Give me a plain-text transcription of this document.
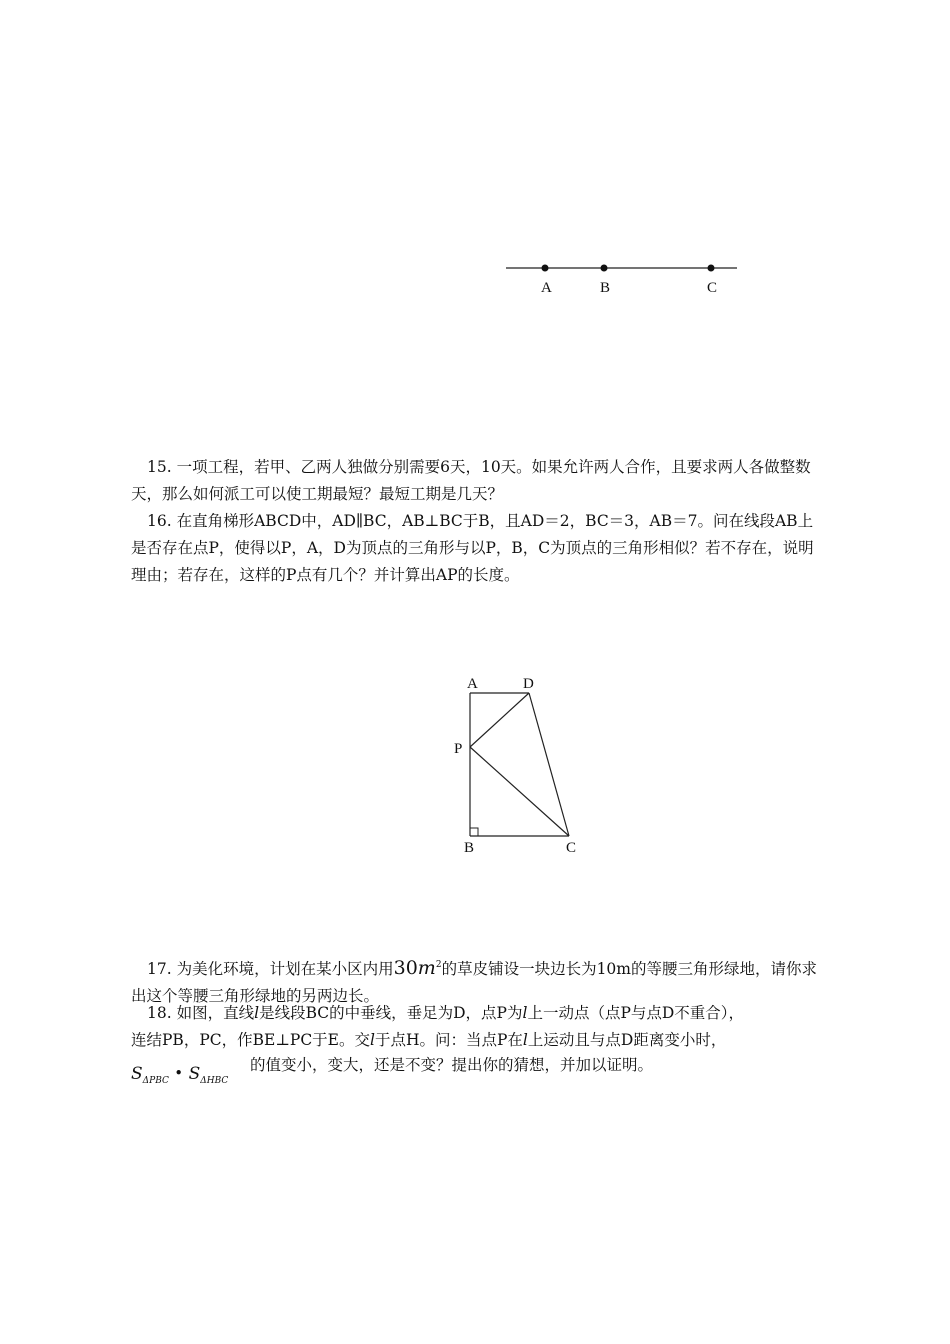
A	B	C

15. 一项工程，若甲、乙两人独做分别需要6天，10天。如果允许两人合作，且要求两人各做整数天，那么如何派工可以使工期最短？最短工期是几天？

16. 在直角梯形ABCD中，AD∥BC，AB⊥BC于B，且AD＝2，BC＝3，AB＝7。问在线段AB上是否存在点P，使得以P，A，D为顶点的三角形与以P，B，C为顶点的三角形相似？若不存在，说明理由；若存在，这样的P点有几个？并计算出AP的长度。

A	D
P
B	C

17. 为美化环境，计划在某小区内用$30m^2$的草皮铺设一块边长为10m的等腰三角形绿地，请你求出这个等腰三角形绿地的另两边长。

18. 如图，直线l是线段BC的中垂线，垂足为D，点P为l上一动点（点P与点D不重合），

连结PB，PC，作BE⊥PC于E。交l于点H。问：当点P在l上运动且与点D距离变小时，

$S_{\Delta PBC}$ • $S_{\Delta HBC}$

的值变小，变大，还是不变？提出你的猜想，并加以证明。
